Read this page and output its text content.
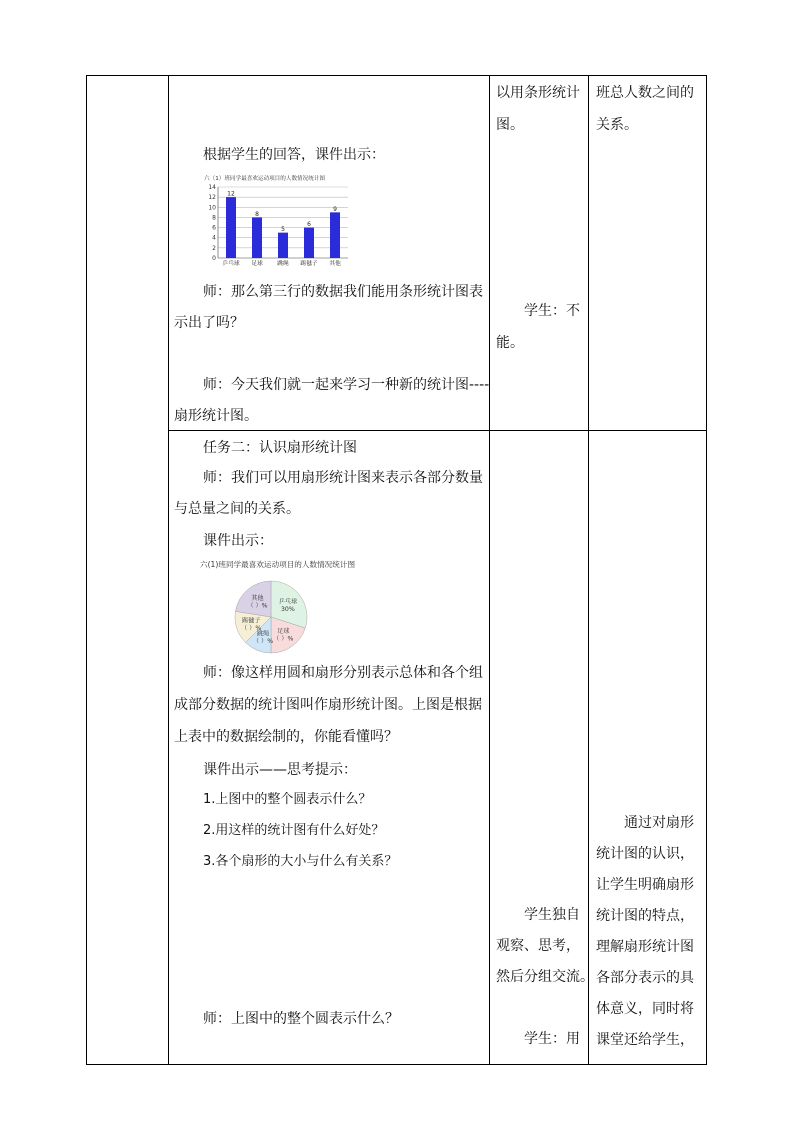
以用条形统计
图。
班总人数之间的
关系。
根据学生的回答，课件出示：
六（1）班同学最喜欢运动项目的人数情况统计图
0
2
4
6
8
10
12
14
12
乒乓球
8
足球
5
跳绳
6
踢毽子
9
其他
师：那么第三行的数据我们能用条形统计图表
示出了吗？
学生：不
能。
师：今天我们就一起来学习一种新的统计图----
扇形统计图。
任务二：认识扇形统计图
师：我们可以用扇形统计图来表示各部分数量
与总量之间的关系。
课件出示：
六(1)班同学最喜欢运动项目的人数情况统计图
乒乓球
30%
足球
（ ）%
跳绳
（ ）%
踢毽子
（ ）%
其他
（ ）%
师：像这样用圆和扇形分别表示总体和各个组
成部分数据的统计图叫作扇形统计图。上图是根据
上表中的数据绘制的，你能看懂吗？
课件出示——思考提示：
1.上图中的整个圆表示什么？
2.用这样的统计图有什么好处？
3.各个扇形的大小与什么有关系？
师：上图中的整个圆表示什么？
学生独自
观察、思考，
然后分组交流。
学生：用
通过对扇形
统计图的认识，
让学生明确扇形
统计图的特点，
理解扇形统计图
各部分表示的具
体意义，同时将
课堂还给学生，
